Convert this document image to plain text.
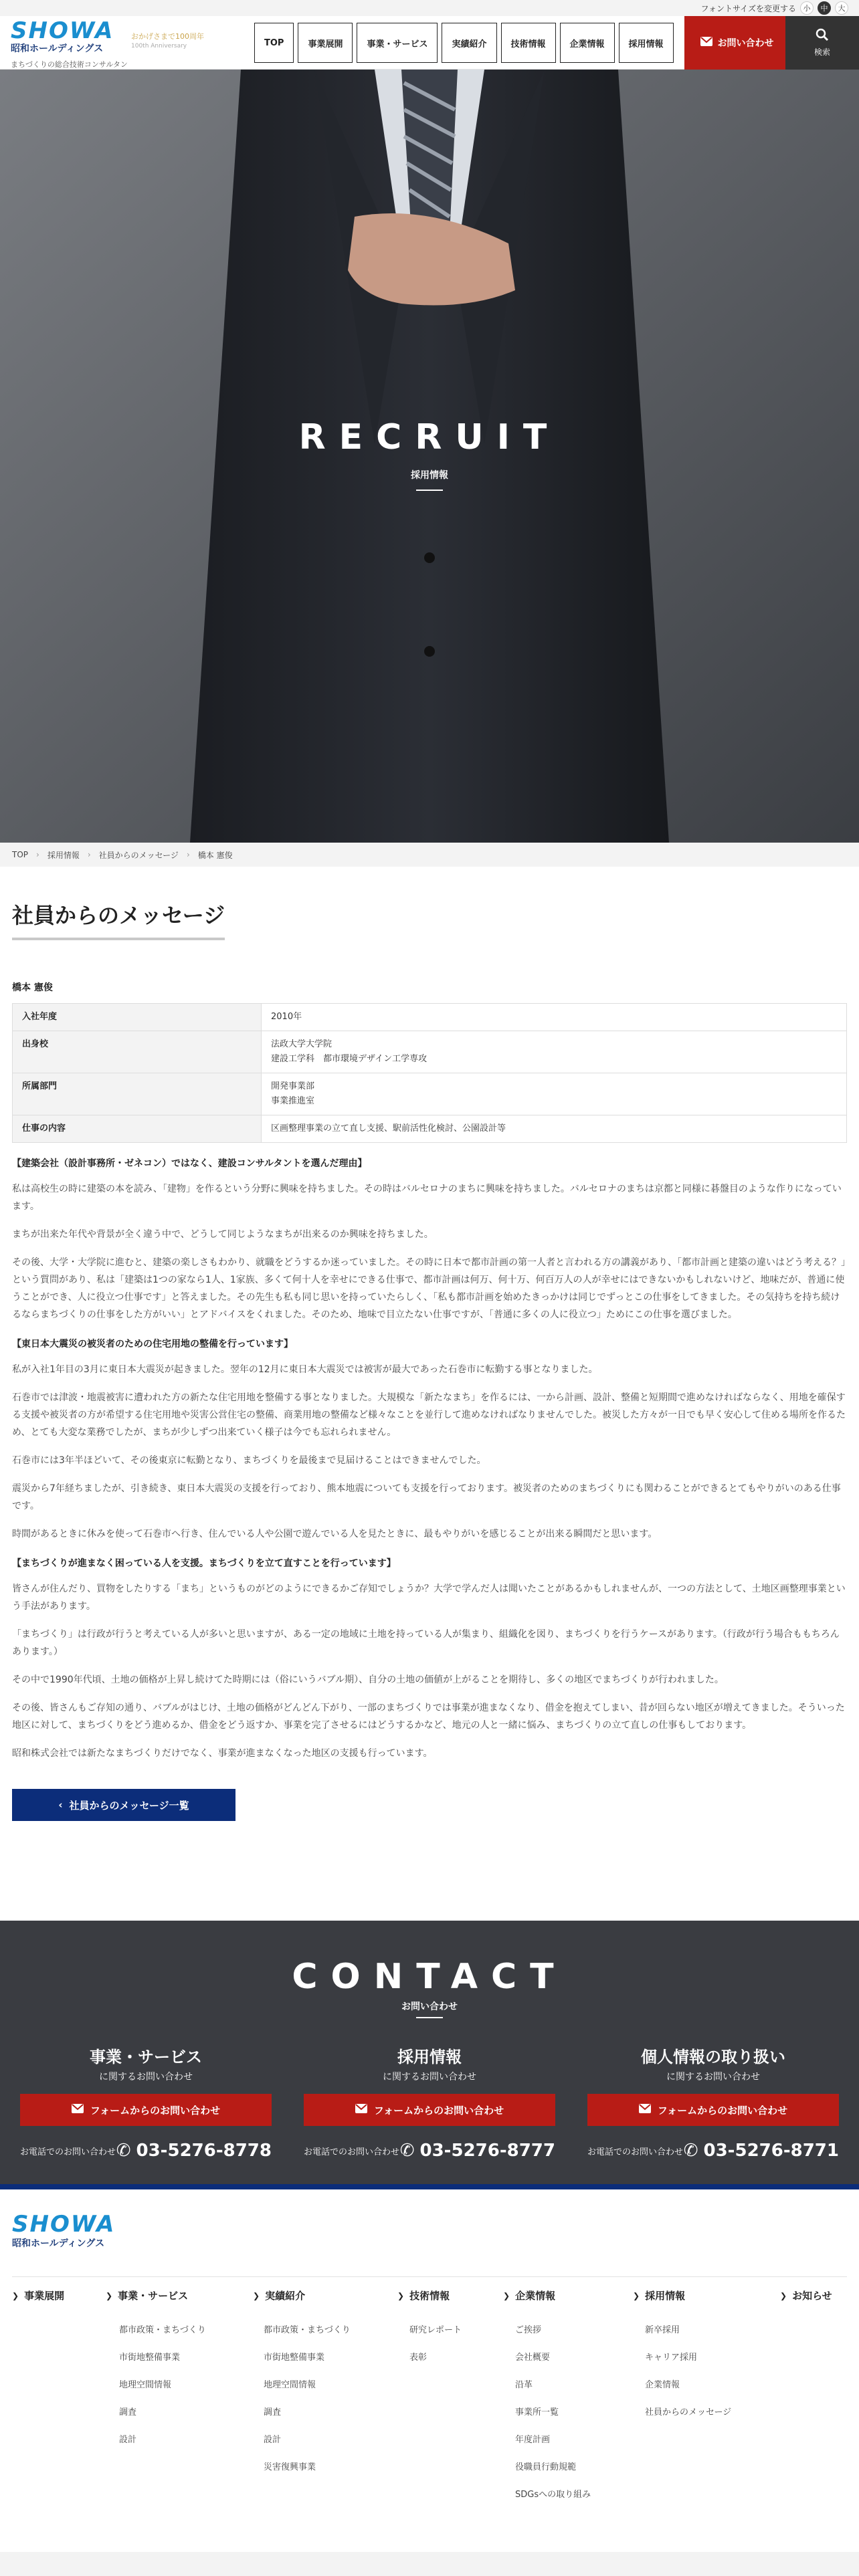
フォントサイズを変更する 小	中	大
SHOWA
昭和ホールディングス
まちづくりの総合技術コンサルタン
おかげさまで100周年
100th Anniversary	TOP	事業展開	事業・サービス	実績紹介	技術情報	企業情報	採用情報	お問い合わせ
検索
RECRUIT
採用情報
TOP › 採用情報 › 社員からのメッセージ › 橋本 憲俊
社員からのメッセージ
橋本 憲俊
入社年度	2010年
出身校	法政大学大学院
建設工学科　都市環境デザイン工学専攻

所属部門	開発事業部
事業推進室

仕事の内容	区画整理事業の立て直し支援、駅前活性化検討、公園設計等
【建築会社（設計事務所・ゼネコン）ではなく、建設コンサルタントを選んだ理由】

私は高校生の時に建築の本を読み、「建物」を作るという分野に興味を持ちました。その時はバルセロナのまちに興味を持ちました。バルセロナのまちは京都と同様に碁盤目のような作りになっています。

まちが出来た年代や背景が全く違う中で、どうして同じようなまちが出来るのか興味を持ちました。

その後、大学・大学院に進むと、建築の楽しさもわかり、就職をどうするか迷っていました。その時に日本で都市計画の第一人者と言われる方の講義があり、「都市計画と建築の違いはどう考える？」という質問があり、私は「建築は1つの家なら1人、1家族、多くて何十人を幸せにできる仕事で、都市計画は何万、何十万、何百万人の人が幸せにはできないかもしれないけど、地味だが、普通に使うことができ、人に役立つ仕事です」と答えました。その先生も私も同じ思いを持っていたらしく、「私も都市計画を始めたきっかけは同じでずっとこの仕事をしてきました。その気持ちを持ち続けるならまちづくりの仕事をした方がいい」とアドバイスをくれました。そのため、地味で目立たない仕事ですが、「普通に多くの人に役立つ」ためにこの仕事を選びました。

【東日本大震災の被災者のための住宅用地の整備を行っています】

私が入社1年目の3月に東日本大震災が起きました。翌年の12月に東日本大震災では被害が最大であった石巻市に転勤する事となりました。

石巻市では津波・地震被害に遭われた方の新たな住宅用地を整備する事となりました。大規模な「新たなまち」を作るには、一から計画、設計、整備と短期間で進めなければならなく、用地を確保する支援や被災者の方が希望する住宅用地や災害公営住宅の整備、商業用地の整備など様々なことを並行して進めなければなりませんでした。被災した方々が一日でも早く安心して住める場所を作るため、とても大変な業務でしたが、まちが少しずつ出来ていく様子は今でも忘れられません。

石巻市には3年半ほどいて、その後東京に転勤となり、まちづくりを最後まで見届けることはできませんでした。

震災から7年経ちましたが、引き続き、東日本大震災の支援を行っており、熊本地震についても支援を行っております。被災者のためのまちづくりにも関わることができるとてもやりがいのある仕事です。

時間があるときに休みを使って石巻市へ行き、住んでいる人や公園で遊んでいる人を見たときに、最もやりがいを感じることが出来る瞬間だと思います。

【まちづくりが進まなく困っている人を支援。まちづくりを立て直すことを行っています】

皆さんが住んだり、買物をしたりする「まち」というものがどのようにできるかご存知でしょうか？大学で学んだ人は聞いたことがあるかもしれませんが、一つの方法として、土地区画整理事業という手法があります。

「まちづくり」は行政が行うと考えている人が多いと思いますが、ある一定の地域に土地を持っている人が集まり、組織化を図り、まちづくりを行うケースがあります。（行政が行う場合ももちろんあります。）

その中で1990年代頃、土地の価格が上昇し続けてた時期には（俗にいうバブル期）、自分の土地の価値が上がることを期待し、多くの地区でまちづくりが行われました。

その後、皆さんもご存知の通り、バブルがはじけ、土地の価格がどんどん下がり、一部のまちづくりでは事業が進まなくなり、借金を抱えてしまい、昔が回らない地区が増えてきました。そういった地区に対して、まちづくりをどう進めるか、借金をどう返すか、事業を完了させるにはどうするかなど、地元の人と一緒に悩み、まちづくりの立て直しの仕事もしております。

昭和株式会社では新たなまちづくりだけでなく、事業が進まなくなった地区の支援も行っています。

‹ 社員からのメッセージ一覧
CONTACT
お問い合わせ
事業・サービス
に関するお問い合わせ
フォームからのお問い合わせ
お電話でのお問い合わせ ✆ 03-5276-8778
採用情報
に関するお問い合わせ
フォームからのお問い合わせ
お電話でのお問い合わせ ✆ 03-5276-8777
個人情報の取り扱い
に関するお問い合わせ
フォームからのお問い合わせ
お電話でのお問い合わせ ✆ 03-5276-8771
SHOWA
昭和ホールディングス
❯ 事業展開	❯ 事業・サービス
都市政策・まちづくり
市街地整備事業
地理空間情報
調査
設計
❯ 実績紹介
都市政策・まちづくり
市街地整備事業
地理空間情報
調査
設計
災害復興事業
❯ 技術情報
研究レポート
表彰
❯ 企業情報
ご挨拶
会社概要
沿革
事業所一覧
年度計画
役職員行動規範
SDGsへの取り組み
❯ 採用情報
新卒採用
キャリア採用
企業情報
社員からのメッセージ
❯ お知らせ
